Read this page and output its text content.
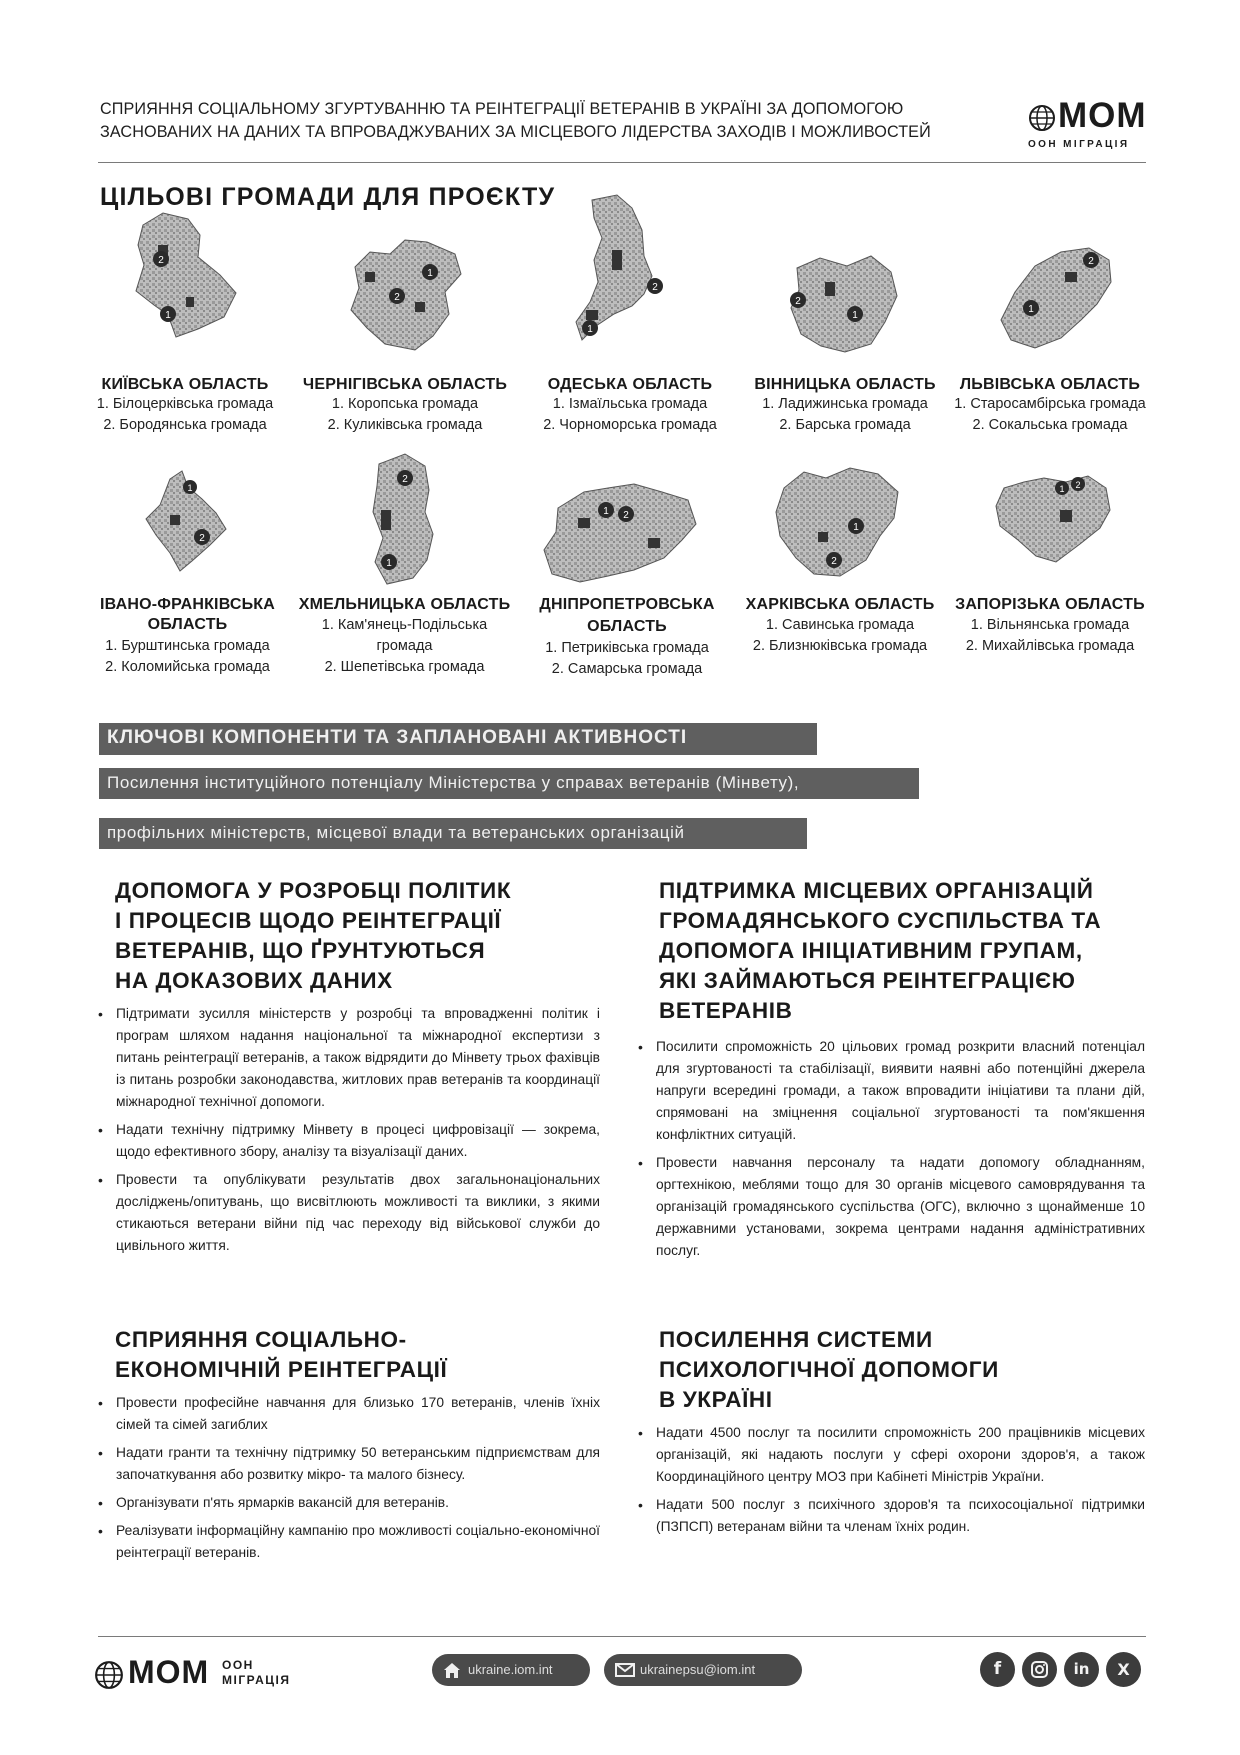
СПРИЯННЯ СОЦІАЛЬНОМУ ЗГУРТУВАННЮ ТА РЕІНТЕГРАЦІЇ ВЕТЕРАНІВ В УКРАЇНІ ЗА ДОПОМОГОЮ
ЗАСНОВАНИХ НА ДАНИХ ТА ВПРОВАДЖУВАНИХ ЗА МІСЦЕВОГО ЛІДЕРСТВА ЗАХОДІВ І МОЖЛИВОСТЕЙ	МОМ
ООН МІГРАЦІЯ
ЦІЛЬОВІ ГРОМАДИ ДЛЯ ПРОЄКТУ
2
1
1
2
2
1
2
1
2
1
КИЇВСЬКА ОБЛАСТЬ
1. Білоцерківська громада
2. Бородянська громада
ЧЕРНІГІВСЬКА ОБЛАСТЬ
1. Коропська громада
2. Куликівська громада
ОДЕСЬКА ОБЛАСТЬ
1. Ізмаїльська громада
2. Чорноморська громада
ВІННИЦЬКА ОБЛАСТЬ
1. Ладижинська громада
2. Барська громада
ЛЬВІВСЬКА ОБЛАСТЬ
1. Старосамбірська громада
2. Сокальська громада
1
2
2
1
1 2
1
2
1 2
ІВАНО-ФРАНКІВСЬКА
ОБЛАСТЬ
1. Бурштинська громада
2. Коломийська громада
ХМЕЛЬНИЦЬКА ОБЛАСТЬ
1. Кам'янець-Подільська
громада
2. Шепетівська громада
ДНІПРОПЕТРОВСЬКА
ОБЛАСТЬ
1. Петриківська громада
2. Самарська громада
ХАРКІВСЬКА ОБЛАСТЬ
1. Савинська громада
2. Близнюківська громада
ЗАПОРІЗЬКА ОБЛАСТЬ
1. Вільнянська громада
2. Михайлівська громада
КЛЮЧОВІ КОМПОНЕНТИ ТА ЗАПЛАНОВАНІ АКТИВНОСТІ
Посилення інституційного потенціалу Міністерства у справах ветеранів (Мінвету),
профільних міністерств, місцевої влади та ветеранських організацій
ДОПОМОГА У РОЗРОБЦІ ПОЛІТИК
І ПРОЦЕСІВ ЩОДО РЕІНТЕГРАЦІЇ
ВЕТЕРАНІВ, ЩО ҐРУНТУЮТЬСЯ
НА ДОКАЗОВИХ ДАНИХ
• Підтримати зусилля міністерств у розробці та впровадженні політик і програм шляхом надання національної та міжнародної експертизи з питань реінтеграції ветеранів, а також відрядити до Мінвету трьох фахівців із питань розробки законодавства, житлових прав ветеранів та координації міжнародної технічної допомоги.
• Надати технічну підтримку Мінвету в процесі цифровізації — зокрема, щодо ефективного збору, аналізу та візуалізації даних.
• Провести та опублікувати результатів двох загальнонаціональних досліджень/опитувань, що висвітлюють можливості та виклики, з якими стикаються ветерани війни під час переходу від військової служби до цивільного життя.
ПІДТРИМКА МІСЦЕВИХ ОРГАНІЗАЦІЙ
ГРОМАДЯНСЬКОГО СУСПІЛЬСТВА ТА
ДОПОМОГА ІНІЦІАТИВНИМ ГРУПАМ,
ЯКІ ЗАЙМАЮТЬСЯ РЕІНТЕГРАЦІЄЮ
ВЕТЕРАНІВ
• Посилити спроможність 20 цільових громад розкрити власний потенціал для згуртованості та стабілізації, виявити наявні або потенційні джерела напруги всередині громади, а також впровадити ініціативи та плани дій, спрямовані на зміцнення соціальної згуртованості та пом'якшення конфліктних ситуацій.
• Провести навчання персоналу та надати допомогу обладнанням, оргтехнікою, меблями тощо для 30 органів місцевого самоврядування та організацій громадянського суспільства (ОГС), включно з щонайменше 10 державними установами, зокрема центрами надання адміністративних послуг.
СПРИЯННЯ СОЦІАЛЬНО-
ЕКОНОМІЧНІЙ РЕІНТЕГРАЦІЇ
• Провести професійне навчання для близько 170 ветеранів, членів їхніх сімей та сімей загиблих
• Надати гранти та технічну підтримку 50 ветеранським підприємствам для започаткування або розвитку мікро- та малого бізнесу.
• Організувати п'ять ярмарків вакансій для ветеранів.
• Реалізувати інформаційну кампанію про можливості соціально-економічної реінтеграції ветеранів.
ПОСИЛЕННЯ СИСТЕМИ
ПСИХОЛОГІЧНОЇ ДОПОМОГИ
В УКРАЇНІ
• Надати 4500 послуг та посилити спроможність 200 працівників місцевих організацій, які надають послуги у сфері охорони здоров'я, а також Координаційного центру МОЗ при Кабінеті Міністрів України.
• Надати 500 послуг з психічного здоров'я та психосоціальної підтримки (ПЗПСП) ветеранам війни та членам їхніх родин.
МОМ ООН
МІГРАЦІЯ
ukraine.iom.int	ukrainepsu@iom.int	f	in	X
